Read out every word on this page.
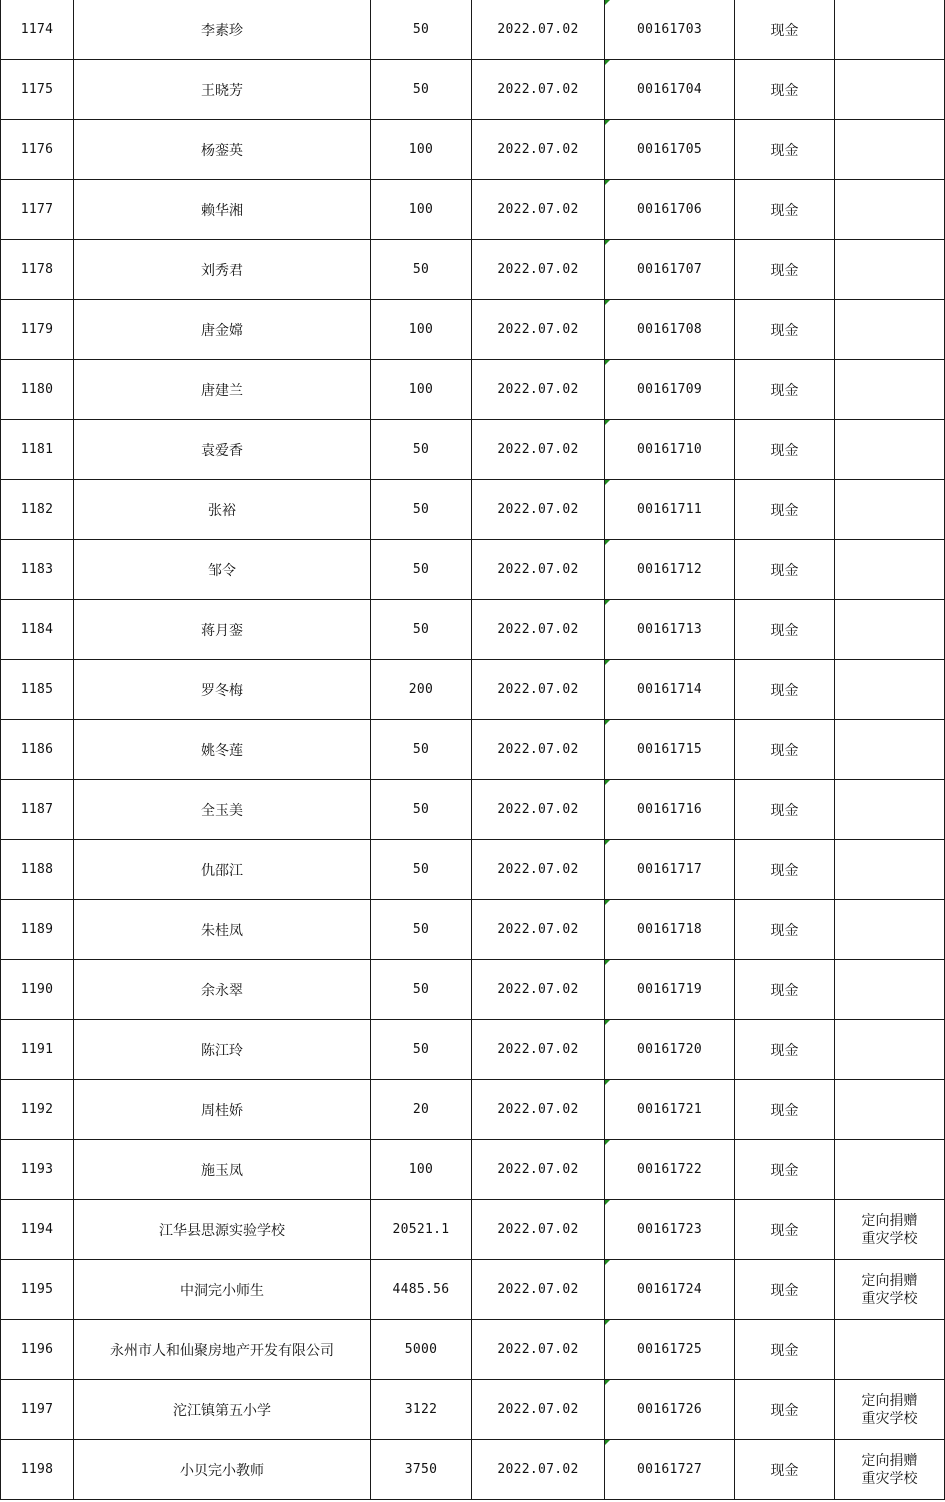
1174	李素珍	50	2022.07.02	00161703	现金	
1175	王晓芳	50	2022.07.02	00161704	现金	
1176	杨銮英	100	2022.07.02	00161705	现金	
1177	赖华湘	100	2022.07.02	00161706	现金	
1178	刘秀君	50	2022.07.02	00161707	现金	
1179	唐金嫦	100	2022.07.02	00161708	现金	
1180	唐建兰	100	2022.07.02	00161709	现金	
1181	袁爱香	50	2022.07.02	00161710	现金	
1182	张裕	50	2022.07.02	00161711	现金	
1183	邹令	50	2022.07.02	00161712	现金	
1184	蒋月銮	50	2022.07.02	00161713	现金	
1185	罗冬梅	200	2022.07.02	00161714	现金	
1186	姚冬莲	50	2022.07.02	00161715	现金	
1187	全玉美	50	2022.07.02	00161716	现金	
1188	仇邵江	50	2022.07.02	00161717	现金	
1189	朱桂凤	50	2022.07.02	00161718	现金	
1190	余永翠	50	2022.07.02	00161719	现金	
1191	陈江玲	50	2022.07.02	00161720	现金	
1192	周桂娇	20	2022.07.02	00161721	现金	
1193	施玉凤	100	2022.07.02	00161722	现金	
1194	江华县思源实验学校	20521.1	2022.07.02	00161723	现金	定向捐赠
重灾学校

1195	中洞完小师生	4485.56	2022.07.02	00161724	现金	定向捐赠
重灾学校

1196	永州市人和仙聚房地产开发有限公司	5000	2022.07.02	00161725	现金	
1197	沱江镇第五小学	3122	2022.07.02	00161726	现金	定向捐赠
重灾学校

1198	小贝完小教师	3750	2022.07.02	00161727	现金	定向捐赠
重灾学校
